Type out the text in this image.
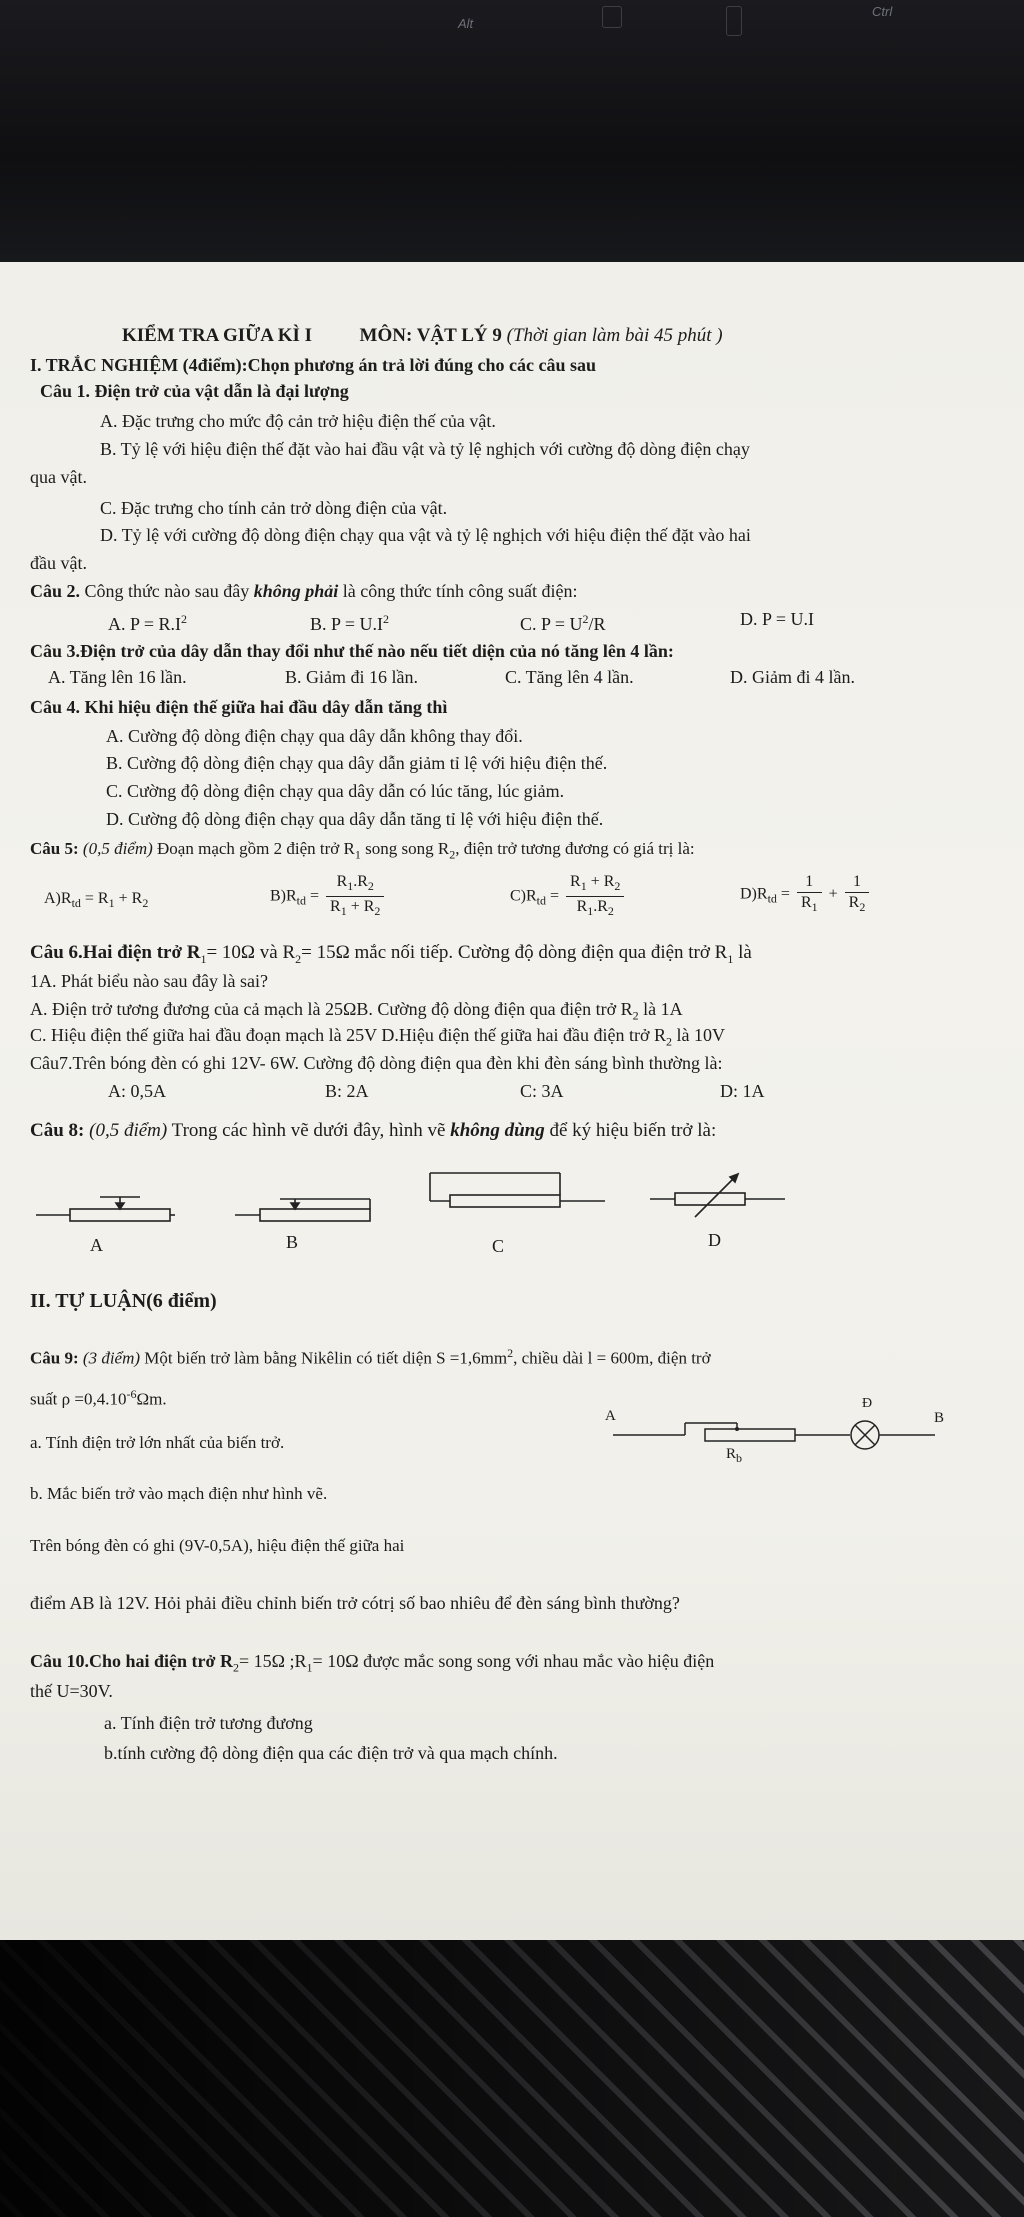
Alt
Ctrl
KIỂM TRA GIỮA KÌ I	MÔN: VẬT LÝ 9 (Thời gian làm bài 45 phút )
I. TRẮC NGHIỆM (4điểm):Chọn phương án trả lời đúng cho các câu sau
Câu 1. Điện trở của vật dẫn là đại lượng
A. Đặc trưng cho mức độ cản trở hiệu điện thế của vật.
B. Tỷ lệ với hiệu điện thế đặt vào hai đầu vật và tỷ lệ nghịch với cường độ dòng điện chạy
qua vật.
C. Đặc trưng cho tính cản trở dòng điện của vật.
D. Tỷ lệ với cường độ dòng điện chạy qua vật và tỷ lệ nghịch với hiệu điện thế đặt vào hai
đầu vật.
Câu 2. Công thức nào sau đây không phải là công thức tính công suất điện:
A. $P = R.I^2$	B. $P = U.I^2$	C. $P = U^2/R$	D. P = U.I
Câu 3.Điện trở của dây dẫn thay đổi như thế nào nếu tiết diện của nó tăng lên 4 lần:
A. Tăng lên 16 lần.	B. Giảm đi 16 lần.	C. Tăng lên 4 lần.	D. Giảm đi 4 lần.
Câu 4. Khi hiệu điện thế giữa hai đầu dây dẫn tăng thì
A. Cường độ dòng điện chạy qua dây dẫn không thay đổi.
B. Cường độ dòng điện chạy qua dây dẫn giảm tỉ lệ với hiệu điện thế.
C. Cường độ dòng điện chạy qua dây dẫn có lúc tăng, lúc giảm.
D. Cường độ dòng điện chạy qua dây dẫn tăng tỉ lệ với hiệu điện thế.
Câu 5: (0,5 điểm) Đoạn mạch gồm 2 điện trở $R_1$ song song $R_2$, điện trở tương đương có giá trị là:
$A)R_{td} = R_1 + R_2$	$B)R_{td} = \frac{R_1.R_2}{R_1 + R_2}$	$C)R_{td} = \frac{R_1 + R_2}{R_1.R_2}$	$D)R_{td} = \frac{1}{R_1} + \frac{1}{R_2}$
Câu 6.Hai điện trở $R_1= 10\Omega$ và $R_2= 15\Omega$ mắc nối tiếp. Cường độ dòng điện qua điện trở $R_1$ là
1A. Phát biểu nào sau đây là sai?
A. Điện trở tương đương của cả mạch là 25ΩB. Cường độ dòng điện qua điện trở $R_2$ là 1A
C. Hiệu điện thế giữa hai đầu đoạn mạch là 25V D.Hiệu điện thế giữa hai đầu điện trở $R_2$ là 10V
Câu7.Trên bóng đèn có ghi 12V- 6W. Cường độ dòng điện qua đèn khi đèn sáng bình thường là:
A: 0,5A	B: 2A	C: 3A	D: 1A
Câu 8: (0,5 điểm) Trong các hình vẽ dưới đây, hình vẽ không dùng để ký hiệu biến trở là:
A	B	C	D
II. TỰ LUẬN(6 điểm)
Câu 9: (3 điểm) Một biến trở làm bằng Nikêlin có tiết diện $S =1,6mm^2$, chiều dài l = 600m, điện trở
suất $\rho =0,4.10^{-6}\Omega m$.
a. Tính điện trở lớn nhất của biến trở.
A	B
Đ
$R_b$
b. Mắc biến trở vào mạch điện như hình vẽ.
Trên bóng đèn có ghi (9V-0,5A), hiệu điện thế giữa hai
điểm AB là 12V. Hỏi phải điều chỉnh biến trở cótrị số bao nhiêu để đèn sáng bình thường?
Câu 10.Cho hai điện trở $R_2= 15\Omega$ $;R_1= 10\Omega$ được mắc song song với nhau mắc vào hiệu điện
thế U=30V.
a. Tính điện trở tương đương
b.tính cường độ dòng điện qua các điện trở và qua mạch chính.
